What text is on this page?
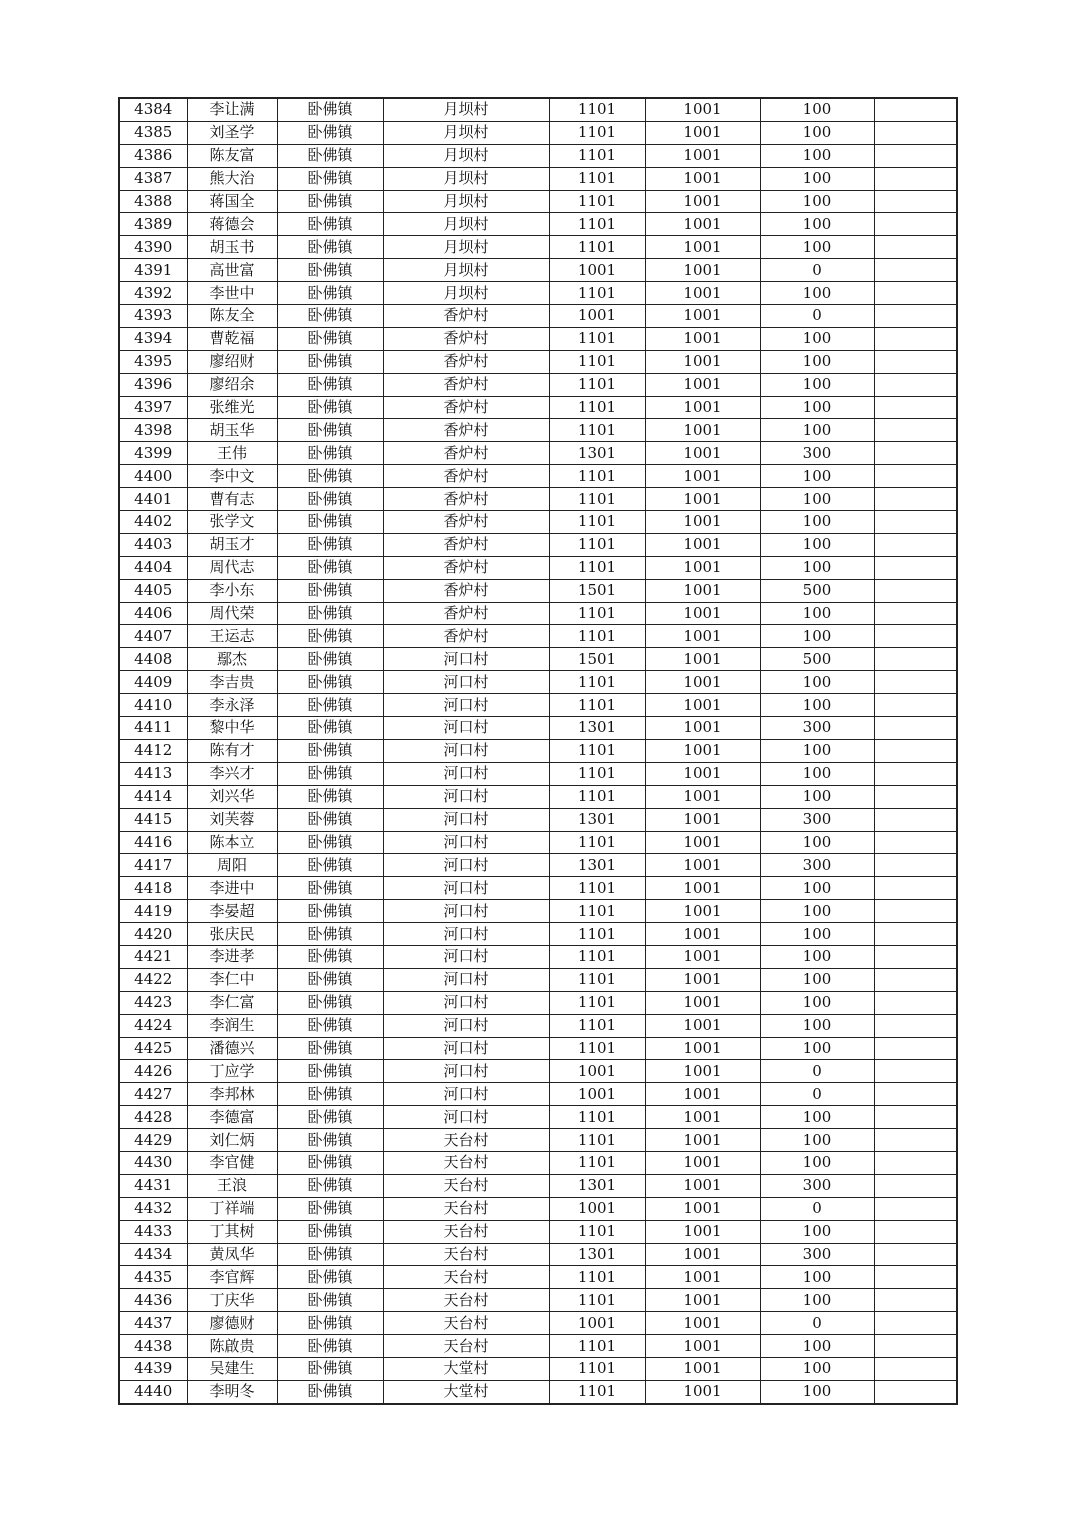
4384	李让满	卧佛镇	月坝村	1101	1001	100	
4385	刘圣学	卧佛镇	月坝村	1101	1001	100	
4386	陈友富	卧佛镇	月坝村	1101	1001	100	
4387	熊大治	卧佛镇	月坝村	1101	1001	100	
4388	蒋国全	卧佛镇	月坝村	1101	1001	100	
4389	蒋德会	卧佛镇	月坝村	1101	1001	100	
4390	胡玉书	卧佛镇	月坝村	1101	1001	100	
4391	高世富	卧佛镇	月坝村	1001	1001	0	
4392	李世中	卧佛镇	月坝村	1101	1001	100	
4393	陈友全	卧佛镇	香炉村	1001	1001	0	
4394	曹乾福	卧佛镇	香炉村	1101	1001	100	
4395	廖绍财	卧佛镇	香炉村	1101	1001	100	
4396	廖绍余	卧佛镇	香炉村	1101	1001	100	
4397	张维光	卧佛镇	香炉村	1101	1001	100	
4398	胡玉华	卧佛镇	香炉村	1101	1001	100	
4399	王伟	卧佛镇	香炉村	1301	1001	300	
4400	李中文	卧佛镇	香炉村	1101	1001	100	
4401	曹有志	卧佛镇	香炉村	1101	1001	100	
4402	张学文	卧佛镇	香炉村	1101	1001	100	
4403	胡玉才	卧佛镇	香炉村	1101	1001	100	
4404	周代志	卧佛镇	香炉村	1101	1001	100	
4405	李小东	卧佛镇	香炉村	1501	1001	500	
4406	周代荣	卧佛镇	香炉村	1101	1001	100	
4407	王运志	卧佛镇	香炉村	1101	1001	100	
4408	鄢杰	卧佛镇	河口村	1501	1001	500	
4409	李吉贵	卧佛镇	河口村	1101	1001	100	
4410	李永泽	卧佛镇	河口村	1101	1001	100	
4411	黎中华	卧佛镇	河口村	1301	1001	300	
4412	陈有才	卧佛镇	河口村	1101	1001	100	
4413	李兴才	卧佛镇	河口村	1101	1001	100	
4414	刘兴华	卧佛镇	河口村	1101	1001	100	
4415	刘芙蓉	卧佛镇	河口村	1301	1001	300	
4416	陈本立	卧佛镇	河口村	1101	1001	100	
4417	周阳	卧佛镇	河口村	1301	1001	300	
4418	李进中	卧佛镇	河口村	1101	1001	100	
4419	李晏超	卧佛镇	河口村	1101	1001	100	
4420	张庆民	卧佛镇	河口村	1101	1001	100	
4421	李进孝	卧佛镇	河口村	1101	1001	100	
4422	李仁中	卧佛镇	河口村	1101	1001	100	
4423	李仁富	卧佛镇	河口村	1101	1001	100	
4424	李润生	卧佛镇	河口村	1101	1001	100	
4425	潘德兴	卧佛镇	河口村	1101	1001	100	
4426	丁应学	卧佛镇	河口村	1001	1001	0	
4427	李邦林	卧佛镇	河口村	1001	1001	0	
4428	李德富	卧佛镇	河口村	1101	1001	100	
4429	刘仁炳	卧佛镇	天台村	1101	1001	100	
4430	李官健	卧佛镇	天台村	1101	1001	100	
4431	王浪	卧佛镇	天台村	1301	1001	300	
4432	丁祥端	卧佛镇	天台村	1001	1001	0	
4433	丁其树	卧佛镇	天台村	1101	1001	100	
4434	黄凤华	卧佛镇	天台村	1301	1001	300	
4435	李官辉	卧佛镇	天台村	1101	1001	100	
4436	丁庆华	卧佛镇	天台村	1101	1001	100	
4437	廖德财	卧佛镇	天台村	1001	1001	0	
4438	陈啟贵	卧佛镇	天台村	1101	1001	100	
4439	吴建生	卧佛镇	大堂村	1101	1001	100	
4440	李明冬	卧佛镇	大堂村	1101	1001	100	
